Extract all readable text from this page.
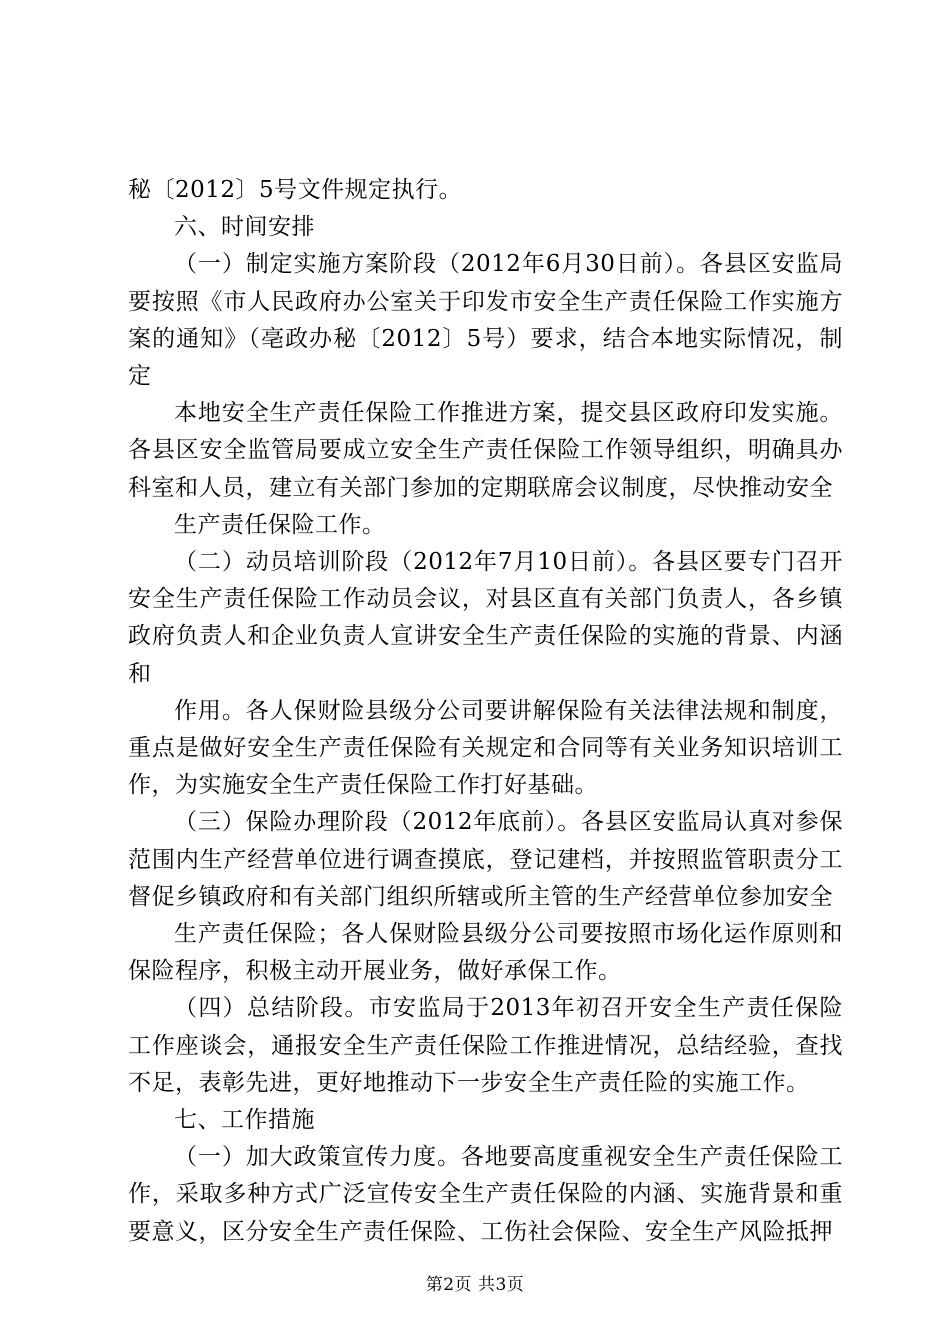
秘〔2012〕5号文件规定执行。

六、时间安排

（一）制定实施方案阶段（2012年6月30日前）。各县区安监局要按照《市人民政府办公室关于印发市安全生产责任保险工作实施方案的通知》（亳政办秘〔2012〕5号）要求，结合本地实际情况，制定

本地安全生产责任保险工作推进方案，提交县区政府印发实施。各县区安全监管局要成立安全生产责任保险工作领导组织，明确具办科室和人员，建立有关部门参加的定期联席会议制度，尽快推动安全

生产责任保险工作。

（二）动员培训阶段（2012年7月10日前）。各县区要专门召开安全生产责任保险工作动员会议，对县区直有关部门负责人，各乡镇政府负责人和企业负责人宣讲安全生产责任保险的实施的背景、内涵和

作用。各人保财险县级分公司要讲解保险有关法律法规和制度，重点是做好安全生产责任保险有关规定和合同等有关业务知识培训工作，为实施安全生产责任保险工作打好基础。

（三）保险办理阶段（2012年底前）。各县区安监局认真对参保范围内生产经营单位进行调查摸底，登记建档，并按照监管职责分工督促乡镇政府和有关部门组织所辖或所主管的生产经营单位参加安全

生产责任保险；各人保财险县级分公司要按照市场化运作原则和保险程序，积极主动开展业务，做好承保工作。

（四）总结阶段。市安监局于2013年初召开安全生产责任保险工作座谈会，通报安全生产责任保险工作推进情况，总结经验，查找不足，表彰先进，更好地推动下一步安全生产责任险的实施工作。

七、工作措施

（一）加大政策宣传力度。各地要高度重视安全生产责任保险工作，采取多种方式广泛宣传安全生产责任保险的内涵、实施背景和重要意义，区分安全生产责任保险、工伤社会保险、安全生产风险抵押

第2页 共3页
